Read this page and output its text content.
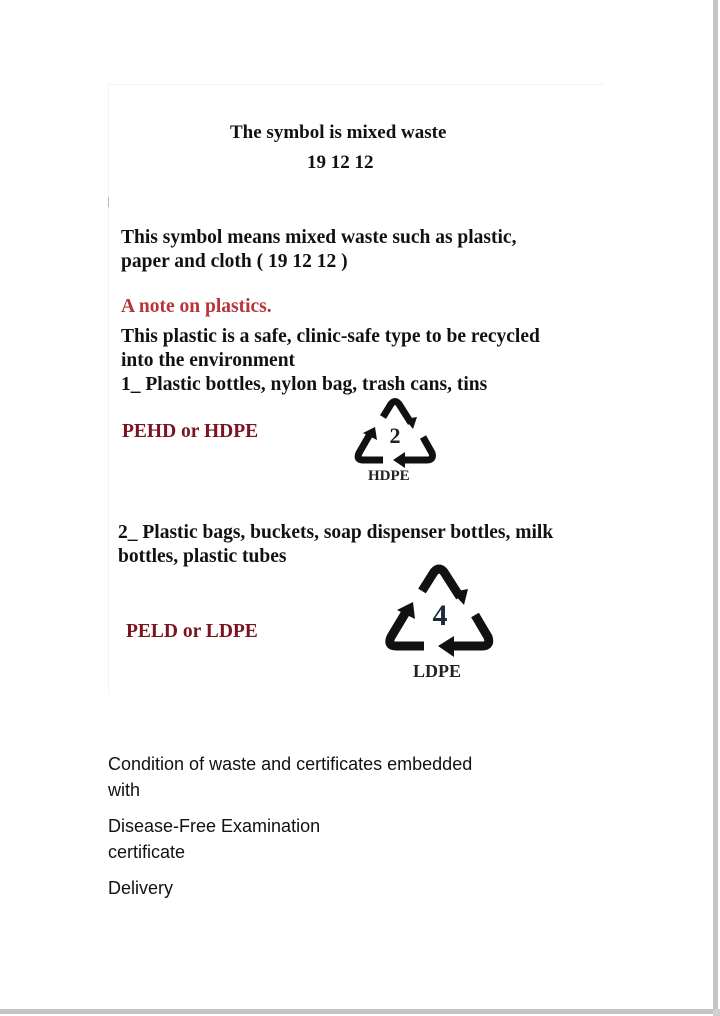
The symbol is mixed waste
19 12 12
This symbol means mixed waste such as plastic,
paper and cloth ( 19 12 12 )
A note on plastics.
This plastic is a safe, clinic-safe type to be recycled
into the environment
1_ Plastic bottles, nylon bag, trash cans, tins
PEHD or HDPE	2
HDPE
2_ Plastic bags, buckets, soap dispenser bottles, milk
bottles, plastic tubes
PELD or LDPE	4
LDPE
Condition of waste and certificates embedded
with
Disease-Free Examination
certificate
Delivery
